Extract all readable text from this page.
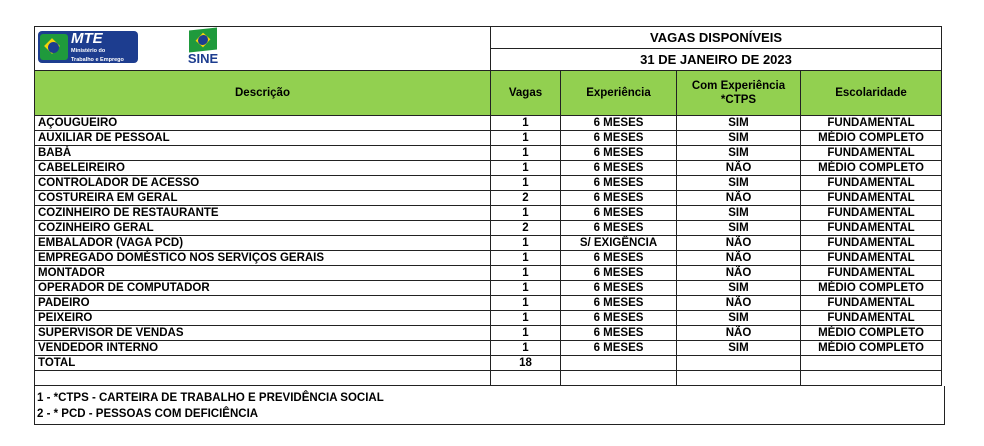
MTE
Ministério do
Trabalho e Emprego SINE	VAGAS DISPONÍVEIS			
	31 DE JANEIRO DE 2023			
Descrição	Vagas	Experiência	Com Experiência *CTPS	Escolaridade
AÇOUGUEIRO	1	6 MESES	SIM	FUNDAMENTAL
AUXILIAR DE PESSOAL	1	6 MESES	SIM	MÉDIO COMPLETO
BABÁ	1	6 MESES	SIM	FUNDAMENTAL
CABELEIREIRO	1	6 MESES	NÃO	MÉDIO COMPLETO
CONTROLADOR DE ACESSO	1	6 MESES	SIM	FUNDAMENTAL
COSTUREIRA EM GERAL	2	6 MESES	NÃO	FUNDAMENTAL
COZINHEIRO DE RESTAURANTE	1	6 MESES	SIM	FUNDAMENTAL
COZINHEIRO GERAL	2	6 MESES	SIM	FUNDAMENTAL
EMBALADOR (VAGA PCD)	1	S/ EXIGÊNCIA	NÃO	FUNDAMENTAL
EMPREGADO DOMÉSTICO NOS SERVIÇOS GERAIS	1	6 MESES	NÃO	FUNDAMENTAL
MONTADOR	1	6 MESES	NÃO	FUNDAMENTAL
OPERADOR DE COMPUTADOR	1	6 MESES	SIM	MÉDIO COMPLETO
PADEIRO	1	6 MESES	NÃO	FUNDAMENTAL
PEIXEIRO	1	6 MESES	SIM	FUNDAMENTAL
SUPERVISOR DE VENDAS	1	6 MESES	NÃO	MÉDIO COMPLETO
VENDEDOR INTERNO	1	6 MESES	SIM	MÉDIO COMPLETO
TOTAL	18			

1 - *CTPS - CARTEIRA DE TRABALHO E PREVIDÊNCIA SOCIAL
2 - * PCD - PESSOAS COM DEFICIÊNCIA
